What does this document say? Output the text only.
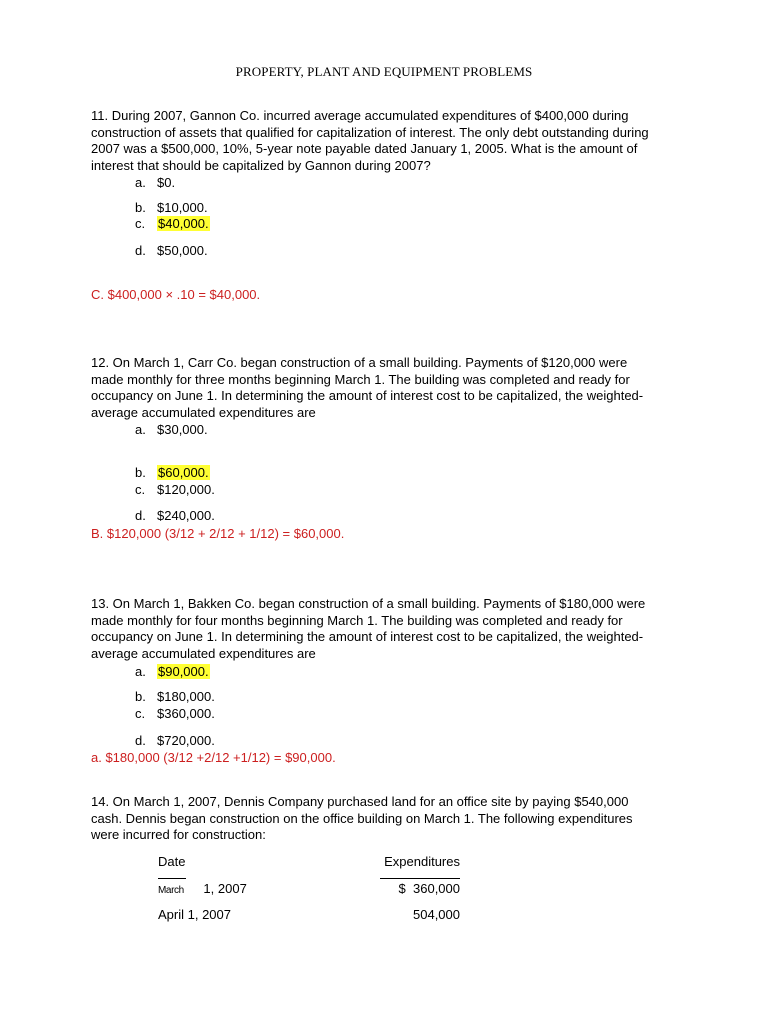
PROPERTY, PLANT AND EQUIPMENT PROBLEMS
11. During 2007, Gannon Co. incurred average accumulated expenditures of $400,000 during
construction of assets that qualified for capitalization of interest. The only debt outstanding during
2007 was a $500,000, 10%, 5-year note payable dated January 1, 2005. What is the amount of
interest that should be capitalized by Gannon during 2007?
a. $0.
b. $10,000.
c. $40,000.
d. $50,000.
C. $400,000 × .10 = $40,000.
12. On March 1, Carr Co. began construction of a small building. Payments of $120,000 were
made monthly for three months beginning March 1. The building was completed and ready for
occupancy on June 1. In determining the amount of interest cost to be capitalized, the weighted-
average accumulated expenditures are
a. $30,000.
b. $60,000.
c. $120,000.
d. $240,000.
B. $120,000 (3/12 + 2/12 + 1/12) = $60,000.
13. On March 1, Bakken Co. began construction of a small building. Payments of $180,000 were
made monthly for four months beginning March 1. The building was completed and ready for
occupancy on June 1. In determining the amount of interest cost to be capitalized, the weighted-
average accumulated expenditures are
a. $90,000.
b. $180,000.
c. $360,000.
d. $720,000.
a. $180,000 (3/12 +2/12 +1/12) = $90,000.
14. On March 1, 2007, Dennis Company purchased land for an office site by paying $540,000
cash. Dennis began construction on the office building on March 1. The following expenditures
were incurred for construction:
Date	Expenditures
March 1, 2007	$  360,000
April 1, 2007	504,000
